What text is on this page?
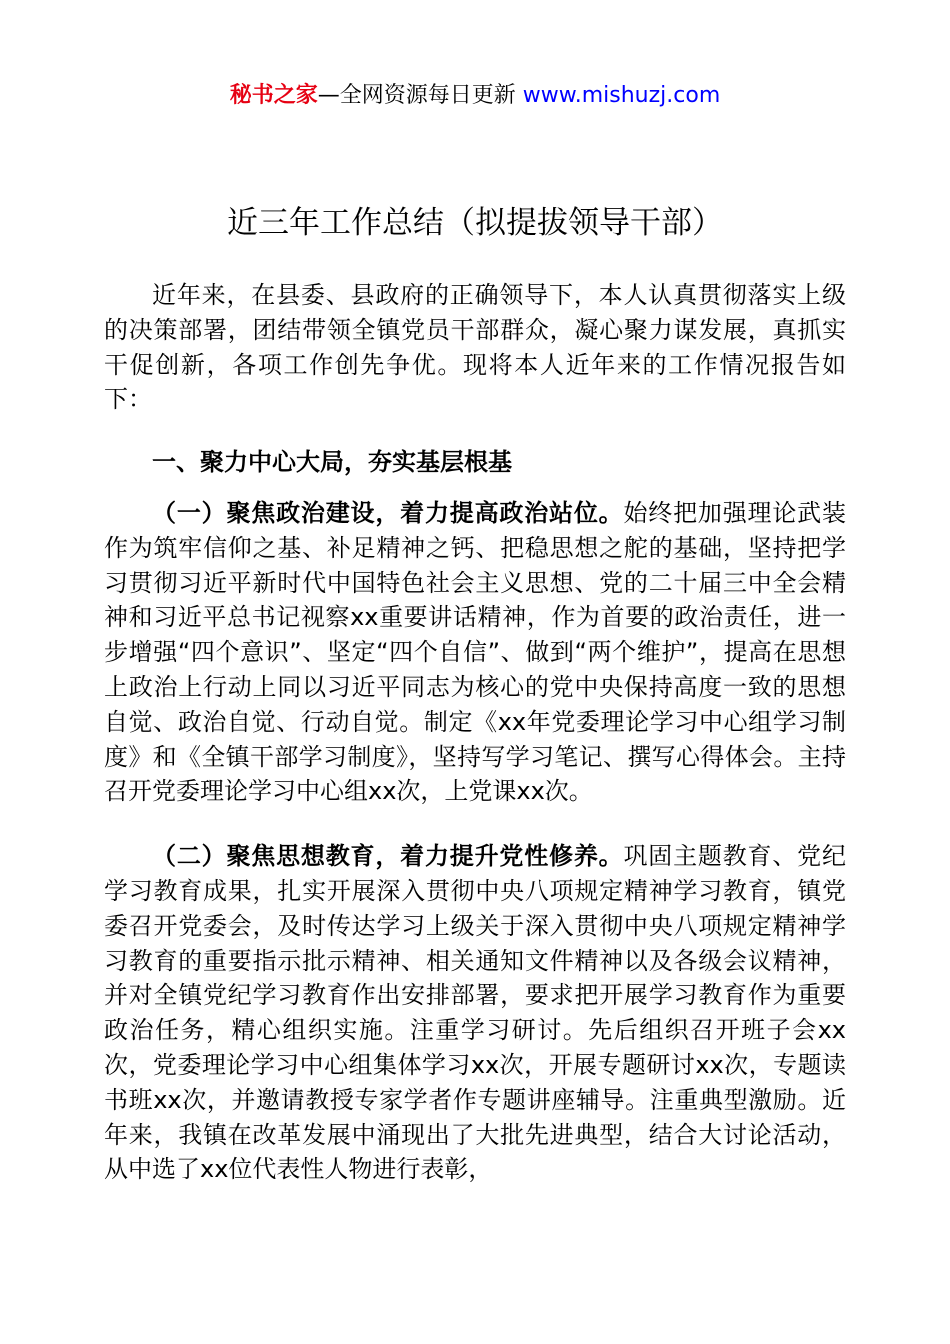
秘书之家—全网资源每日更新 www.mishuzj.com
近三年工作总结（拟提拔领导干部）

近年来，在县委、县政府的正确领导下，本人认真贯彻落实上级的决策部署，团结带领全镇党员干部群众，凝心聚力谋发展，真抓实干促创新，各项工作创先争优。现将本人近年来的工作情况报告如下：

一、聚力中心大局，夯实基层根基

（一）聚焦政治建设，着力提高政治站位。始终把加强理论武装作为筑牢信仰之基、补足精神之钙、把稳思想之舵的基础，坚持把学习贯彻习近平新时代中国特色社会主义思想、党的二十届三中全会精神和习近平总书记视察xx重要讲话精神，作为首要的政治责任，进一步增强“四个意识”、坚定“四个自信”、做到“两个维护”，提高在思想上政治上行动上同以习近平同志为核心的党中央保持高度一致的思想自觉、政治自觉、行动自觉。制定《xx年党委理论学习中心组学习制度》和《全镇干部学习制度》，坚持写学习笔记、撰写心得体会。主持召开党委理论学习中心组xx次，上党课xx次。

（二）聚焦思想教育，着力提升党性修养。巩固主题教育、党纪学习教育成果，扎实开展深入贯彻中央八项规定精神学习教育，镇党委召开党委会，及时传达学习上级关于深入贯彻中央八项规定精神学习教育的重要指示批示精神、相关通知文件精神以及各级会议精神，并对全镇党纪学习教育作出安排部署，要求把开展学习教育作为重要政治任务，精心组织实施。注重学习研讨。先后组织召开班子会xx次，党委理论学习中心组集体学习xx次，开展专题研讨xx次，专题读书班xx次，并邀请教授专家学者作专题讲座辅导。注重典型激励。近年来，我镇在改革发展中涌现出了大批先进典型，结合大讨论活动，从中选了xx位代表性人物进行表彰，
